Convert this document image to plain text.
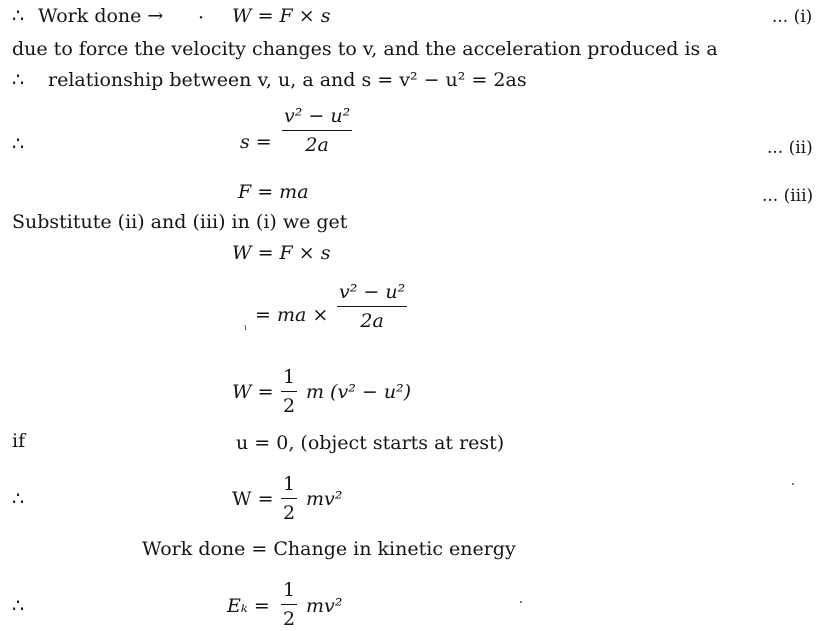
∴ Work done → · W = F × s	... (i)
due to force the velocity changes to v, and the acceleration produced is a
∴ relationship between v, u, a and s = v² − u² = 2as
∴	s =
v² − u²
2a	... (ii)
F = ma	... (iii)
Substitute (ii) and (iii) in (i) we get
W = F × s
ι
= ma ×
v² − u²
2a
W =
1
2
m (v² − u²)
if	u = 0, (object starts at rest)
∴	W =
1
2
mv²
Work done = Change in kinetic energy
∴	Eₖ =
1
2
mv²
